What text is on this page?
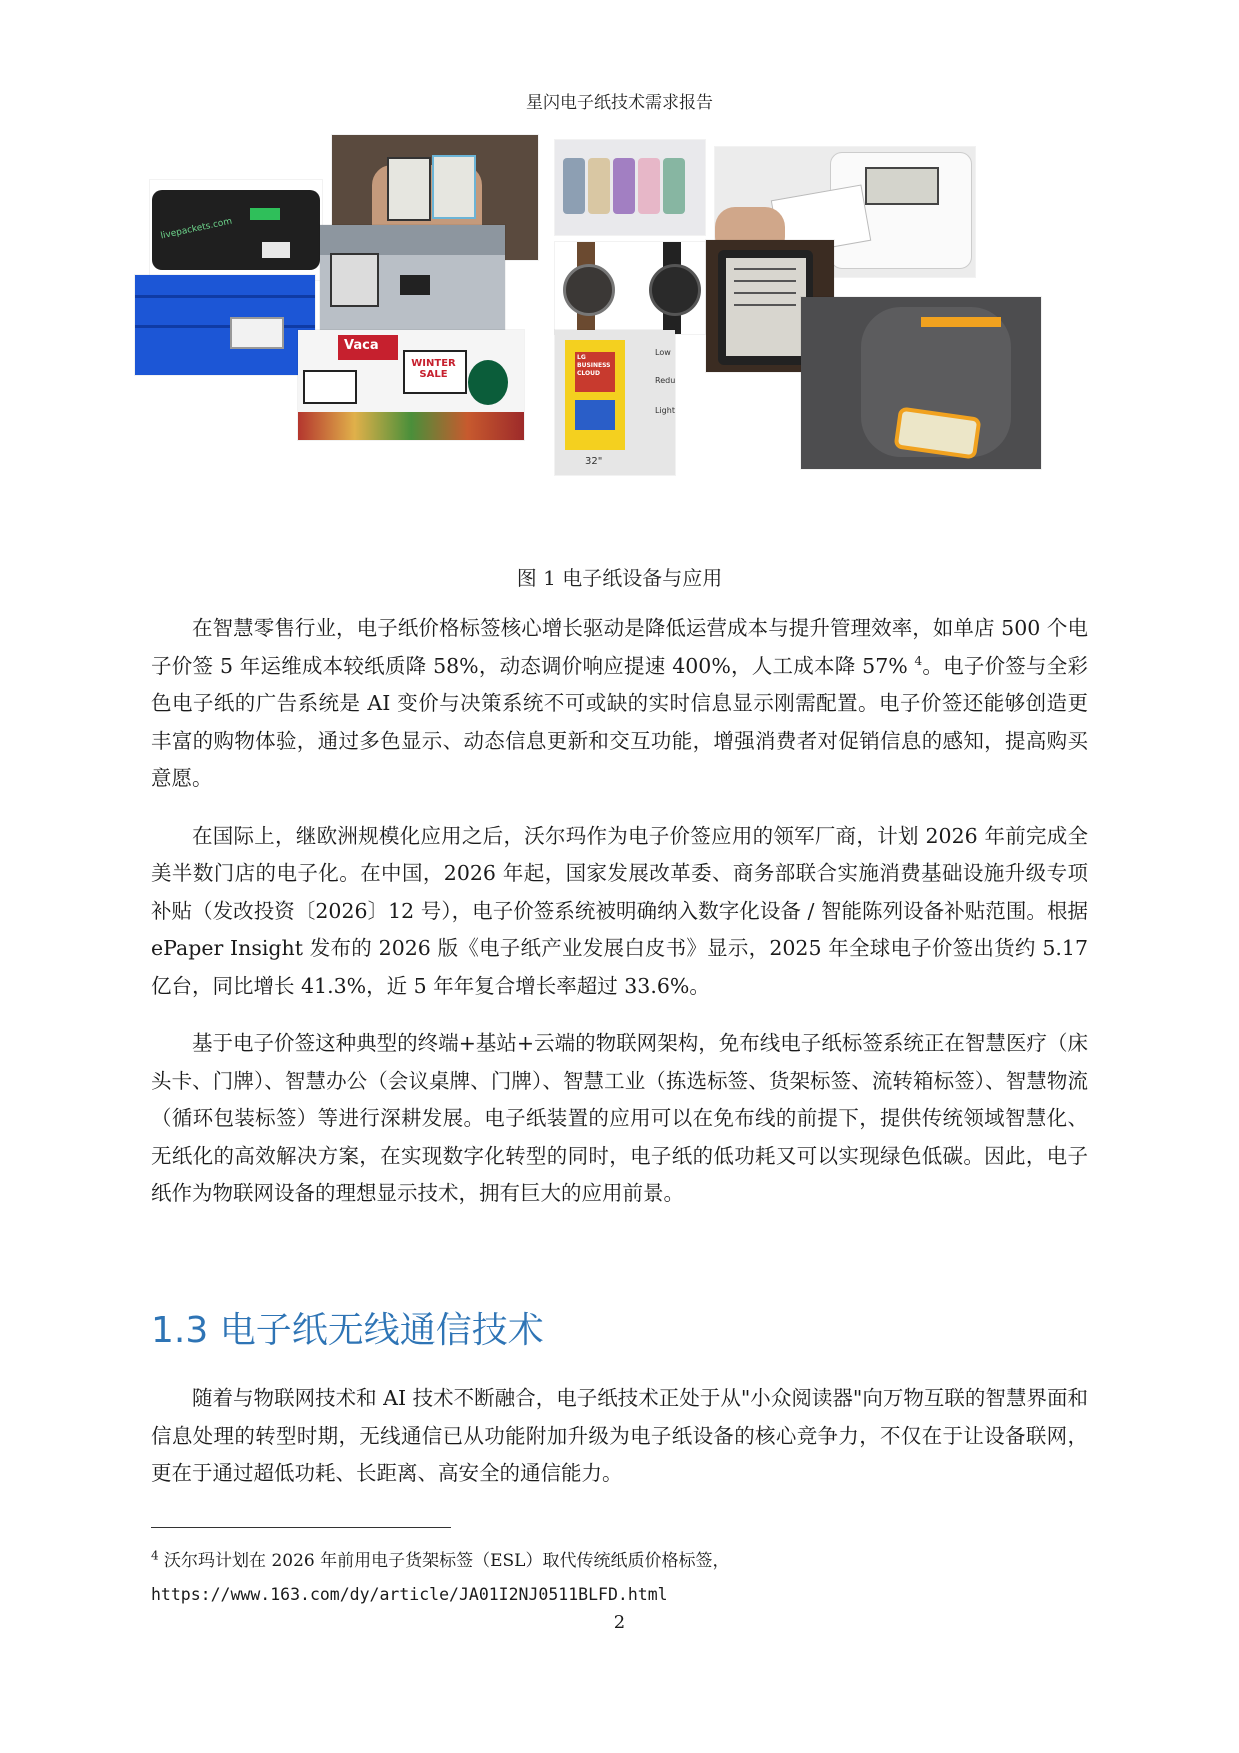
星闪电子纸技术需求报告
livepackets.com
Vaca
WINTER SALE
LG BUSINESS CLOUD
32"
Low
Redu
Light
图 1 电子纸设备与应用

在智慧零售行业，电子纸价格标签核心增长驱动是降低运营成本与提升管理效率，如单店 500 个电子价签 5 年运维成本较纸质降 58%，动态调价响应提速 400%，人工成本降 57% $^4$。电子价签与全彩色电子纸的广告系统是 AI 变价与决策系统不可或缺的实时信息显示刚需配置。电子价签还能够创造更丰富的购物体验，通过多色显示、动态信息更新和交互功能，增强消费者对促销信息的感知，提高购买意愿。

在国际上，继欧洲规模化应用之后，沃尔玛作为电子价签应用的领军厂商，计划 2026 年前完成全美半数门店的电子化。在中国，2026 年起，国家发展改革委、商务部联合实施消费基础设施升级专项补贴（发改投资〔2026〕12 号），电子价签系统被明确纳入数字化设备 / 智能陈列设备补贴范围。根据 ePaper Insight 发布的 2026 版《电子纸产业发展白皮书》显示，2025 年全球电子价签出货约 5.17 亿台，同比增长 41.3%，近 5 年年复合增长率超过 33.6%。

基于电子价签这种典型的终端+基站+云端的物联网架构，免布线电子纸标签系统正在智慧医疗（床头卡、门牌）、智慧办公（会议桌牌、门牌）、智慧工业（拣选标签、货架标签、流转箱标签）、智慧物流（循环包装标签）等进行深耕发展。电子纸装置的应用可以在免布线的前提下，提供传统领域智慧化、无纸化的高效解决方案，在实现数字化转型的同时，电子纸的低功耗又可以实现绿色低碳。因此，电子纸作为物联网设备的理想显示技术，拥有巨大的应用前景。

1.3 电子纸无线通信技术

随着与物联网技术和 AI 技术不断融合，电子纸技术正处于从"小众阅读器"向万物互联的智慧界面和信息处理的转型时期，无线通信已从功能附加升级为电子纸设备的核心竞争力，不仅在于让设备联网，更在于通过超低功耗、长距离、高安全的通信能力。

$^4$ 沃尔玛计划在 2026 年前用电子货架标签（ESL）取代传统纸质价格标签，
https://www.163.com/dy/article/JA01I2NJ0511BLFD.html
2
